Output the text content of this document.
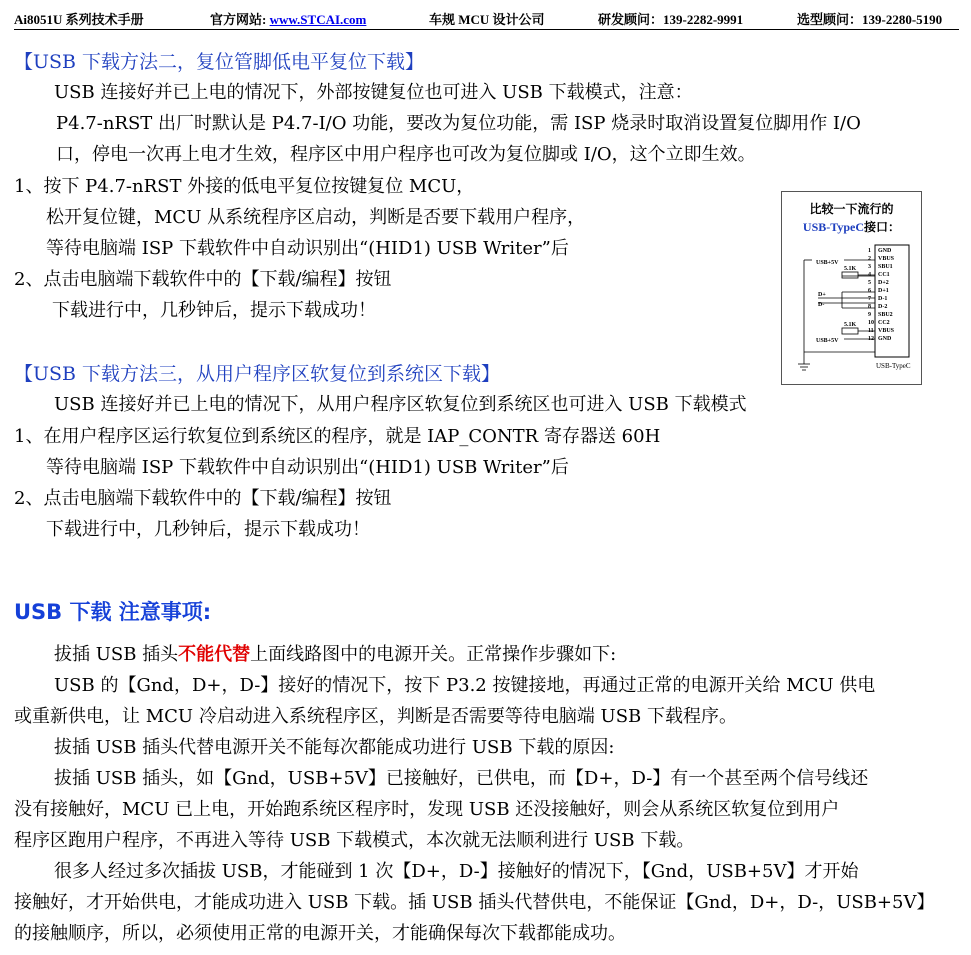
Ai8051U 系列技术手册	官方网站: www.STCAI.com	车规 MCU 设计公司	研发顾问：139-2282-9991	选型顾问：139-2280-5190
【USB 下载方法二，复位管脚低电平复位下载】
USB 连接好并已上电的情况下，外部按键复位也可进入 USB 下载模式，注意：
P4.7-nRST 出厂时默认是 P4.7-I/O 功能，要改为复位功能，需 ISP 烧录时取消设置复位脚用作 I/O
口，停电一次再上电才生效，程序区中用户程序也可改为复位脚或 I/O，这个立即生效。
1、按下 P4.7-nRST 外接的低电平复位按键复位 MCU，
松开复位键，MCU 从系统程序区启动，判断是否要下载用户程序，
等待电脑端 ISP 下载软件中自动识别出“(HID1) USB Writer”后
2、点击电脑端下载软件中的【下载/编程】按钮
下载进行中，几秒钟后，提示下载成功！
比较一下流行的
USB-TypeC接口：
1 GND
2 VBUS
3 SBU1
4 CC1
5 D+2
6 D+1
7 D-1
8 D-2
9 SBU2
10 CC2
11 VBUS
12 GND
USB+5V
USB+5V
5.1K
5.1K
D+
D-
USB-TypeC
【USB 下载方法三，从用户程序区软复位到系统区下载】
USB 连接好并已上电的情况下，从用户程序区软复位到系统区也可进入 USB 下载模式
1、在用户程序区运行软复位到系统区的程序，就是 IAP_CONTR 寄存器送 60H
等待电脑端 ISP 下载软件中自动识别出“(HID1) USB Writer”后
2、点击电脑端下载软件中的【下载/编程】按钮
下载进行中，几秒钟后，提示下载成功！
USB 下载 注意事项:
拔插 USB 插头不能代替上面线路图中的电源开关。正常操作步骤如下:
USB 的【Gnd，D+，D-】接好的情况下，按下 P3.2 按键接地，再通过正常的电源开关给 MCU 供电
或重新供电，让 MCU 冷启动进入系统程序区，判断是否需要等待电脑端 USB 下载程序。
拔插 USB 插头代替电源开关不能每次都能成功进行 USB 下载的原因:
拔插 USB 插头，如【Gnd，USB+5V】已接触好，已供电，而【D+，D-】有一个甚至两个信号线还
没有接触好，MCU 已上电，开始跑系统区程序时，发现 USB 还没接触好，则会从系统区软复位到用户
程序区跑用户程序，不再进入等待 USB 下载模式，本次就无法顺利进行 USB 下载。
很多人经过多次插拔 USB，才能碰到 1 次【D+，D-】接触好的情况下，【Gnd，USB+5V】才开始
接触好，才开始供电，才能成功进入 USB 下载。插 USB 插头代替供电，不能保证【Gnd，D+，D-，USB+5V】
的接触顺序，所以，必须使用正常的电源开关，才能确保每次下载都能成功。
